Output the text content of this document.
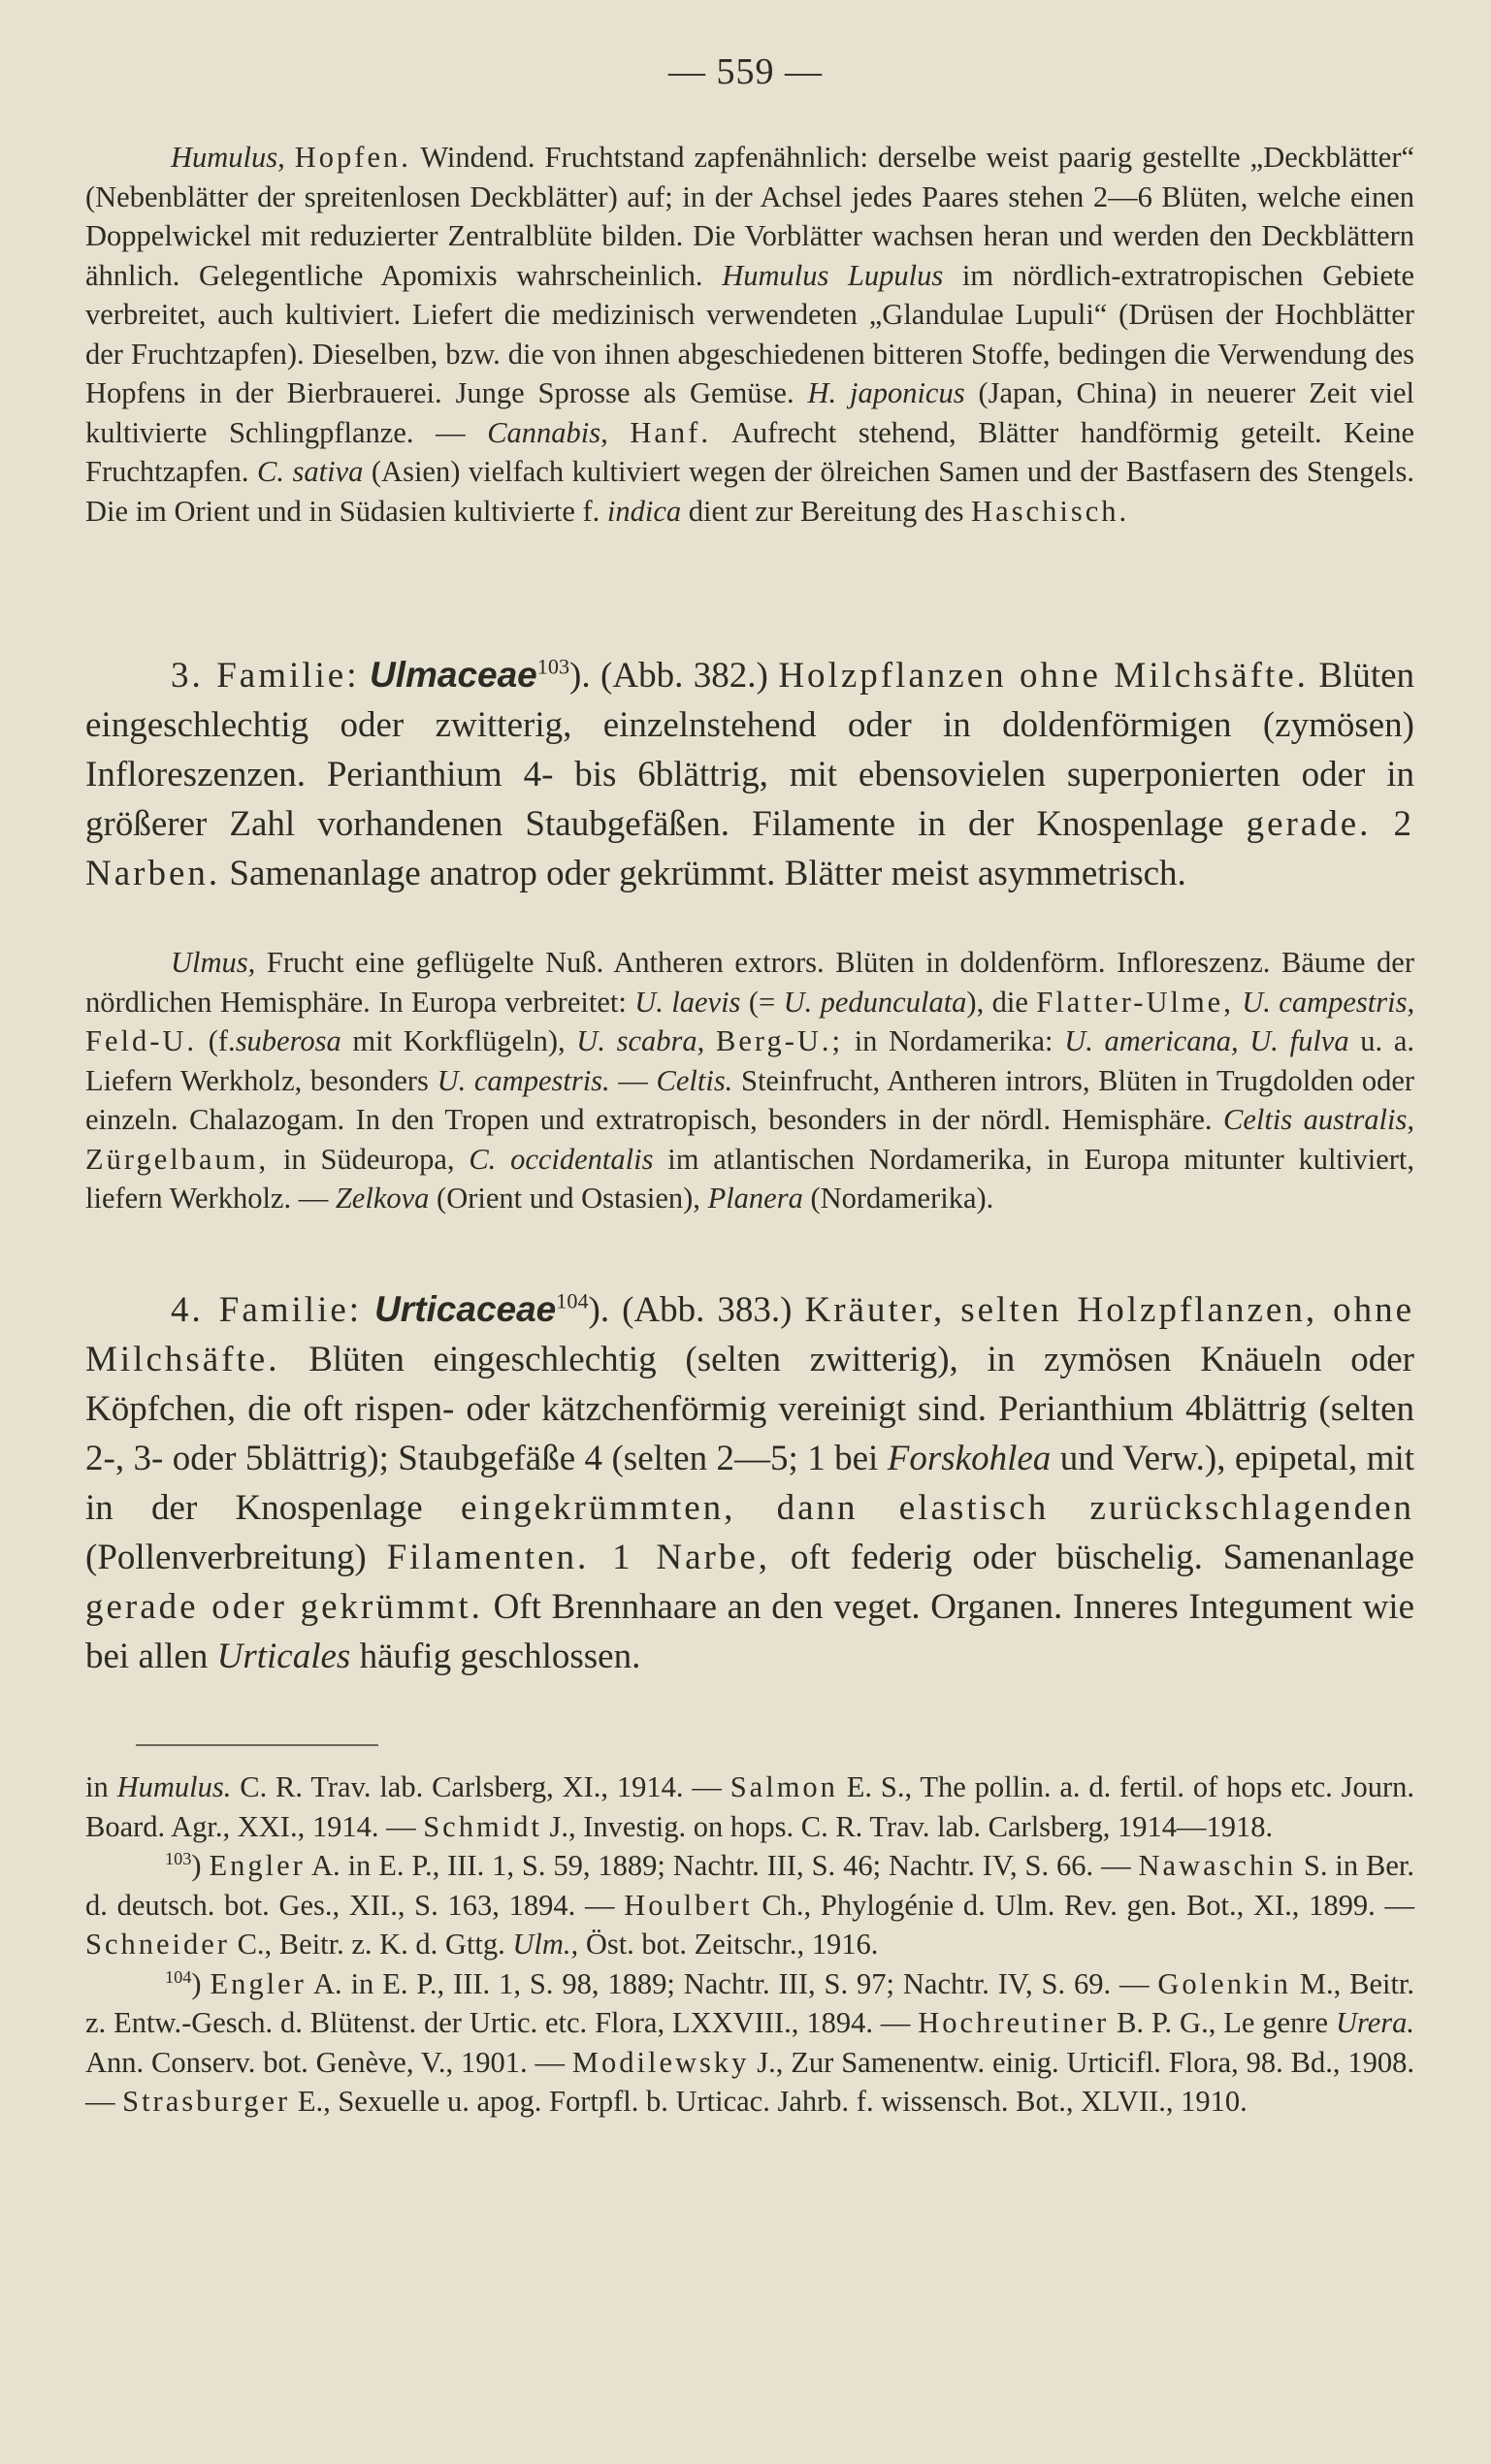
— 559 —
Humulus, Hopfen. Windend. Fruchtstand zapfenähnlich: derselbe weist paarig gestellte „Deckblätter“ (Nebenblätter der spreitenlosen Deckblätter) auf; in der Achsel jedes Paares stehen 2—6 Blüten, welche einen Doppelwickel mit reduzierter Zentralblüte bilden. Die Vorblätter wachsen heran und werden den Deckblättern ähnlich. Gelegentliche Apomixis wahrscheinlich. Humulus Lupulus im nördlich-extratropischen Gebiete verbreitet, auch kultiviert. Liefert die medizinisch verwendeten „Glandulae Lupuli“ (Drüsen der Hochblätter der Fruchtzapfen). Dieselben, bzw. die von ihnen abgeschiedenen bitteren Stoffe, bedingen die Verwendung des Hopfens in der Bierbrauerei. Junge Sprosse als Gemüse. H. japonicus (Japan, China) in neuerer Zeit viel kultivierte Schlingpflanze. — Cannabis, Hanf. Aufrecht stehend, Blätter handförmig geteilt. Keine Fruchtzapfen. C. sativa (Asien) vielfach kultiviert wegen der ölreichen Samen und der Bastfasern des Stengels. Die im Orient und in Südasien kultivierte f. indica dient zur Bereitung des Haschisch.
3. Familie: Ulmaceae$^{103}$). (Abb. 382.) Holzpflanzen ohne Milchsäfte. Blüten eingeschlechtig oder zwitterig, einzelnstehend oder in doldenförmigen (zymösen) Infloreszenzen. Perianthium 4- bis 6blättrig, mit ebensovielen superponierten oder in größerer Zahl vorhandenen Staubgefäßen. Filamente in der Knospenlage gerade. 2 Narben. Samenanlage anatrop oder gekrümmt. Blätter meist asymmetrisch.
Ulmus, Frucht eine geflügelte Nuß. Antheren extrors. Blüten in doldenförm. Infloreszenz. Bäume der nördlichen Hemisphäre. In Europa verbreitet: U. laevis (= U. pedunculata), die Flatter-Ulme, U. campestris, Feld-U. (f.suberosa mit Korkflügeln), U. scabra, Berg-U.; in Nordamerika: U. americana, U. fulva u. a. Liefern Werkholz, besonders U. campestris. — Celtis. Steinfrucht, Antheren intrors, Blüten in Trugdolden oder einzeln. Chalazogam. In den Tropen und extratropisch, besonders in der nördl. Hemisphäre. Celtis australis, Zürgelbaum, in Südeuropa, C. occidentalis im atlantischen Nordamerika, in Europa mitunter kultiviert, liefern Werkholz. — Zelkova (Orient und Ostasien), Planera (Nordamerika).
4. Familie: Urticaceae$^{104}$). (Abb. 383.) Kräuter, selten Holzpflanzen, ohne Milchsäfte. Blüten eingeschlechtig (selten zwitterig), in zymösen Knäueln oder Köpfchen, die oft rispen- oder kätzchenförmig vereinigt sind. Perianthium 4blättrig (selten 2-, 3- oder 5blättrig); Staubgefäße 4 (selten 2—5; 1 bei Forskohlea und Verw.), epipetal, mit in der Knospenlage eingekrümmten, dann elastisch zurückschlagenden (Pollenverbreitung) Filamenten. 1 Narbe, oft federig oder büschelig. Samenanlage gerade oder gekrümmt. Oft Brennhaare an den veget. Organen. Inneres Integument wie bei allen Urticales häufig geschlossen.

in Humulus. C. R. Trav. lab. Carlsberg, XI., 1914. — Salmon E. S., The pollin. a. d. fertil. of hops etc. Journ. Board. Agr., XXI., 1914. — Schmidt J., Investig. on hops. C. R. Trav. lab. Carlsberg, 1914—1918.

$^{103}$) Engler A. in E. P., III. 1, S. 59, 1889; Nachtr. III, S. 46; Nachtr. IV, S. 66. — Nawaschin S. in Ber. d. deutsch. bot. Ges., XII., S. 163, 1894. — Houlbert Ch., Phylogénie d. Ulm. Rev. gen. Bot., XI., 1899. — Schneider C., Beitr. z. K. d. Gttg. Ulm., Öst. bot. Zeitschr., 1916.

$^{104}$) Engler A. in E. P., III. 1, S. 98, 1889; Nachtr. III, S. 97; Nachtr. IV, S. 69. — Golenkin M., Beitr. z. Entw.-Gesch. d. Blütenst. der Urtic. etc. Flora, LXXVIII., 1894. — Hochreutiner B. P. G., Le genre Urera. Ann. Conserv. bot. Genève, V., 1901. — Modilewsky J., Zur Samenentw. einig. Urticifl. Flora, 98. Bd., 1908. — Strasburger E., Sexuelle u. apog. Fortpfl. b. Urticac. Jahrb. f. wissensch. Bot., XLVII., 1910.
